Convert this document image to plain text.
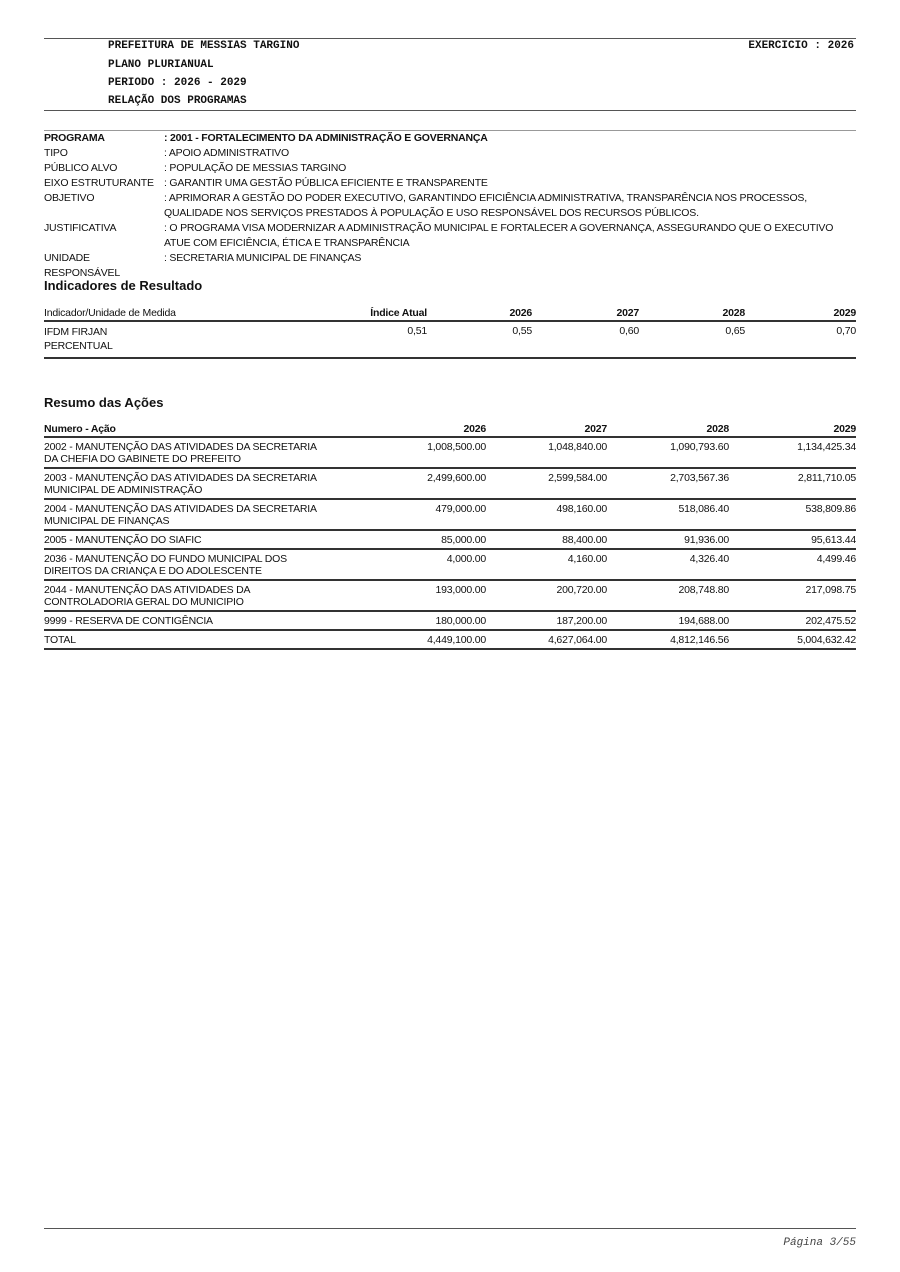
PREFEITURA DE MESSIAS TARGINO	EXERCICIO : 2026
PLANO PLURIANUAL
PERIODO : 2026 - 2029
RELAÇÃO DOS PROGRAMAS
PROGRAMA	: 2001 - FORTALECIMENTO DA ADMINISTRAÇÃO E GOVERNANÇA
TIPO	: APOIO ADMINISTRATIVO
PÚBLICO ALVO	: POPULAÇÃO DE MESSIAS TARGINO
EIXO ESTRUTURANTE : GARANTIR UMA GESTÃO PÚBLICA EFICIENTE E TRANSPARENTE
OBJETIVO	: APRIMORAR A GESTÃO DO PODER EXECUTIVO, GARANTINDO EFICIÊNCIA ADMINISTRATIVA, TRANSPARÊNCIA NOS PROCESSOS, QUALIDADE NOS SERVIÇOS PRESTADOS À POPULAÇÃO E USO RESPONSÁVEL DOS RECURSOS PÚBLICOS.
JUSTIFICATIVA	: O PROGRAMA VISA MODERNIZAR A ADMINISTRAÇÃO MUNICIPAL E FORTALECER A GOVERNANÇA, ASSEGURANDO QUE O EXECUTIVO ATUE COM EFICIÊNCIA, ÉTICA E TRANSPARÊNCIA
UNIDADE RESPONSÁVEL
: SECRETARIA MUNICIPAL DE FINANÇAS
Indicadores de Resultado
Indicador/Unidade de Medida	Índice Atual	2026	2027	2028	2029

IFDM FIRJAN
PERCENTUAL	0,51	0,55	0,60	0,65	0,70
Resumo das Ações
Numero - Ação	2026	2027	2028	2029
2002 - MANUTENÇÃO DAS ATIVIDADES DA SECRETARIA DA CHEFIA DO GABINETE DO PREFEITO	1,008,500.00	1,048,840.00	1,090,793.60	1,134,425.34
2003 - MANUTENÇÃO DAS ATIVIDADES DA SECRETARIA MUNICIPAL DE ADMINISTRAÇÃO	2,499,600.00	2,599,584.00	2,703,567.36	2,811,710.05
2004 - MANUTENÇÃO DAS ATIVIDADES DA SECRETARIA MUNICIPAL DE FINANÇAS	479,000.00	498,160.00	518,086.40	538,809.86
2005 - MANUTENÇÃO DO SIAFIC	85,000.00	88,400.00	91,936.00	95,613.44
2036 - MANUTENÇÃO DO FUNDO MUNICIPAL DOS DIREITOS DA CRIANÇA E DO ADOLESCENTE	4,000.00	4,160.00	4,326.40	4,499.46
2044 - MANUTENÇÃO DAS ATIVIDADES DA CONTROLADORIA GERAL DO MUNICIPIO	193,000.00	200,720.00	208,748.80	217,098.75
9999 - RESERVA DE CONTIGÊNCIA	180,000.00	187,200.00	194,688.00	202,475.52
TOTAL	4,449,100.00	4,627,064.00	4,812,146.56	5,004,632.42
Página 3/55
